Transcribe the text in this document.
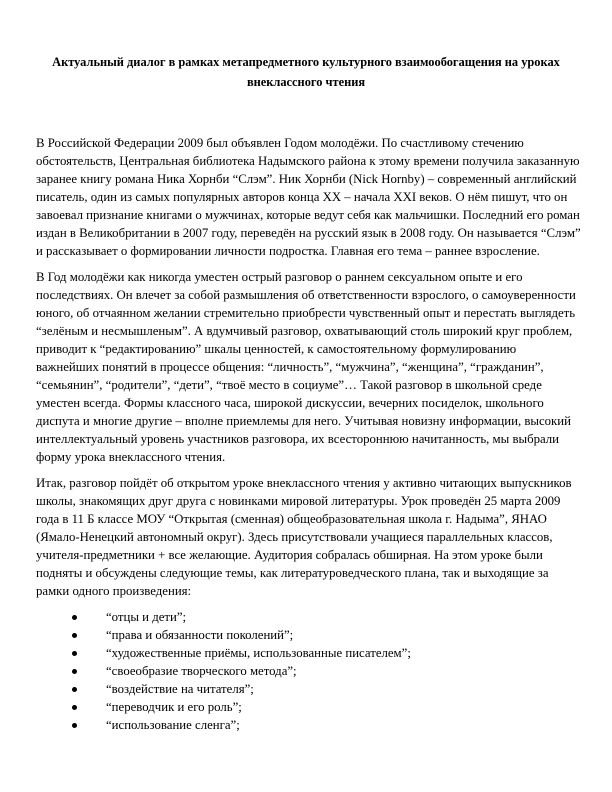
Актуальный диалог в рамках метапредметного культурного взаимообогащения на уроках внеклассного чтения

В Российской Федерации 2009 был объявлен Годом молодёжи. По счастливому стечению обстоятельств, Центральная библиотека Надымского района к этому времени получила заказанную заранее книгу романа Ника Хорнби “Слэм”. Ник Хорнби (Nick Hornby) – современный английский писатель, один из самых популярных авторов конца ХХ – начала ХХI веков. О нём пишут, что он завоевал признание книгами о мужчинах, которые ведут себя как мальчишки. Последний его роман издан в Великобритании в 2007 году, переведён на русский язык в 2008 году. Он называется “Слэм” и рассказывает о формировании личности подростка. Главная его тема – раннее взросление.

В Год молодёжи как никогда уместен острый разговор о раннем сексуальном опыте и его последствиях. Он влечет за собой размышления об ответственности взрослого, о самоуверенности юного, об отчаянном желании стремительно приобрести чувственный опыт и перестать выглядеть “зелёным и несмышленым”. А вдумчивый разговор, охватывающий столь широкий круг проблем, приводит к “редактированию” шкалы ценностей, к самостоятельному формулированию важнейших понятий в процессе общения: “личность”, “мужчина”, “женщина”, “гражданин”, “семьянин”, “родители”, “дети”, “твоё место в социуме”… Такой разговор в школьной среде уместен всегда. Формы классного часа, широкой дискуссии, вечерних посиделок, школьного диспута и многие другие – вполне приемлемы для него. Учитывая новизну информации, высокий интеллектуальный уровень участников разговора, их всестороннюю начитанность, мы выбрали форму урока внеклассного чтения.

Итак, разговор пойдёт об открытом уроке внеклассного чтения у активно читающих выпускников школы, знакомящих друг друга с новинками мировой литературы. Урок проведён 25 марта 2009 года в 11 Б классе МОУ “Открытая (сменная) общеобразовательная школа г. Надыма”, ЯНАО (Ямало-Ненецкий автономный округ). Здесь присутствовали учащиеся параллельных классов, учителя-предметники + все желающие. Аудитория собралась обширная. На этом уроке были подняты и обсуждены следующие темы, как литературоведческого плана, так и выходящие за рамки одного произведения:

“отцы и дети”;
“права и обязанности поколений”;
“художественные приёмы, использованные писателем”;
“своеобразие творческого метода”;
“воздействие на читателя”;
“переводчик и его роль”;
“использование сленга”;
